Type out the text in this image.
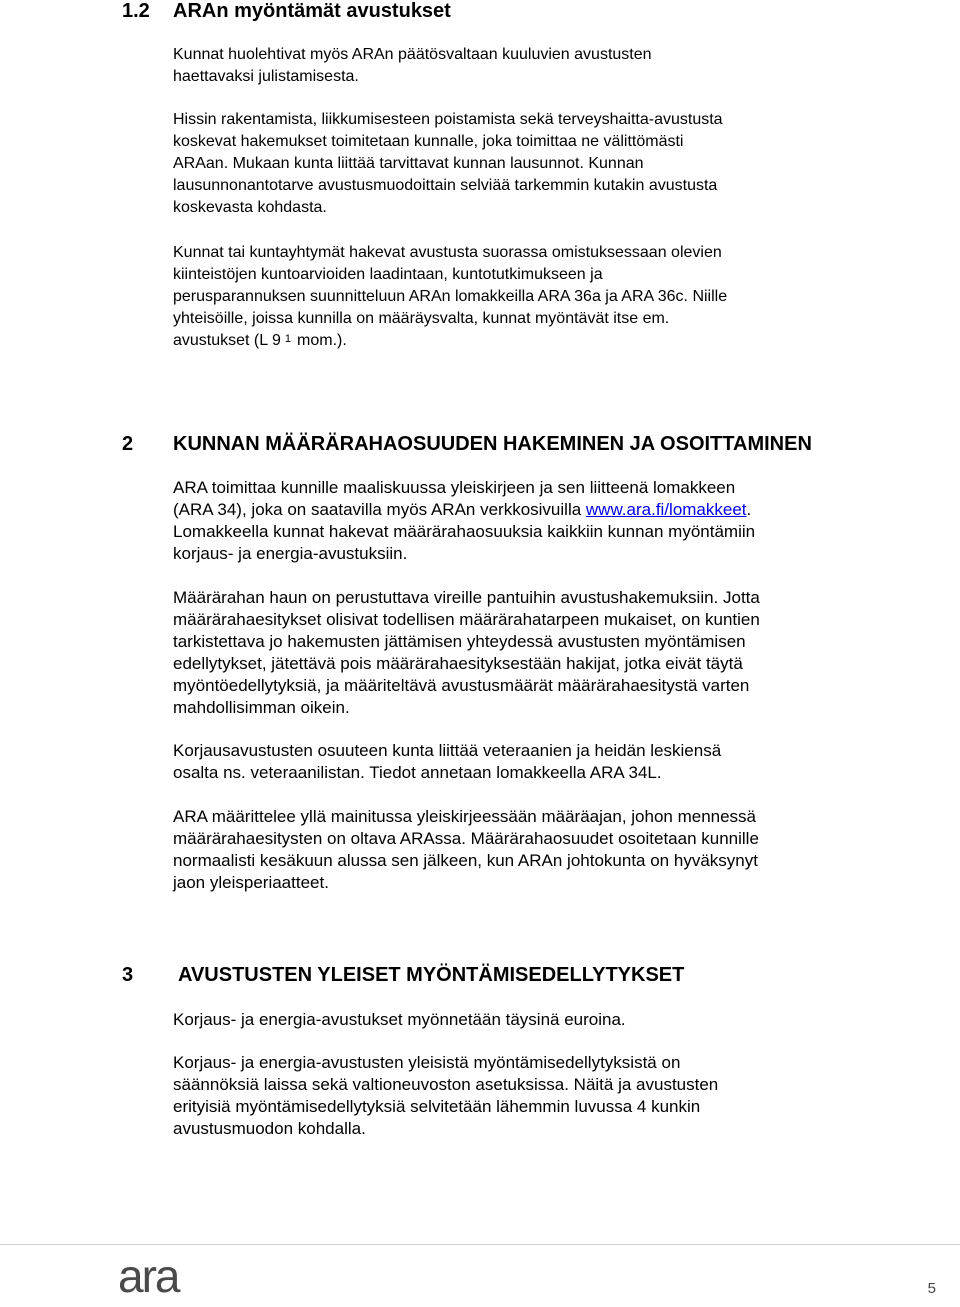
1.2 ARAn myöntämät avustukset
Kunnat huolehtivat myös ARAn päätösvaltaan kuuluvien avustusten
haettavaksi julistamisesta.
Hissin rakentamista, liikkumisesteen poistamista sekä terveyshaitta-avustusta
koskevat hakemukset toimitetaan kunnalle, joka toimittaa ne välittömästi
ARAan. Mukaan kunta liittää tarvittavat kunnan lausunnot. Kunnan
lausunnonantotarve avustusmuodoittain selviää tarkemmin kutakin avustusta
koskevasta kohdasta.
Kunnat tai kuntayhtymät hakevat avustusta suorassa omistuksessaan olevien
kiinteistöjen kuntoarvioiden laadintaan, kuntotutkimukseen ja
perusparannuksen suunnitteluun ARAn lomakkeilla ARA 36a ja ARA 36c. Niille
yhteisöille, joissa kunnilla on määräysvalta, kunnat myöntävät itse em.
avustukset (L 9 $^1$ mom.).
2 KUNNAN MÄÄRÄRAHAOSUUDEN HAKEMINEN JA OSOITTAMINEN
ARA toimittaa kunnille maaliskuussa yleiskirjeen ja sen liitteenä lomakkeen
(ARA 34), joka on saatavilla myös ARAn verkkosivuilla www.ara.fi/lomakkeet.
Lomakkeella kunnat hakevat määrärahaosuuksia kaikkiin kunnan myöntämiin
korjaus- ja energia-avustuksiin.
Määrärahan haun on perustuttava vireille pantuihin avustushakemuksiin. Jotta
määrärahaesitykset olisivat todellisen määrärahatarpeen mukaiset, on kuntien
tarkistettava jo hakemusten jättämisen yhteydessä avustusten myöntämisen
edellytykset, jätettävä pois määrärahaesityksestään hakijat, jotka eivät täytä
myöntöedellytyksiä, ja määriteltävä avustusmäärät määrärahaesitystä varten
mahdollisimman oikein.
Korjausavustusten osuuteen kunta liittää veteraanien ja heidän leskiensä
osalta ns. veteraanilistan. Tiedot annetaan lomakkeella ARA 34L.
ARA määrittelee yllä mainitussa yleiskirjeessään määräajan, johon mennessä
määrärahaesitysten on oltava ARAssa. Määrärahaosuudet osoitetaan kunnille
normaalisti kesäkuun alussa sen jälkeen, kun ARAn johtokunta on hyväksynyt
jaon yleisperiaatteet.
3 AVUSTUSTEN YLEISET MYÖNTÄMISEDELLYTYKSET
Korjaus- ja energia-avustukset myönnetään täysinä euroina.
Korjaus- ja energia-avustusten yleisistä myöntämisedellytyksistä on
säännöksiä laissa sekä valtioneuvoston asetuksissa. Näitä ja avustusten
erityisiä myöntämisedellytyksiä selvitetään lähemmin luvussa 4 kunkin
avustusmuodon kohdalla.
ara	5
